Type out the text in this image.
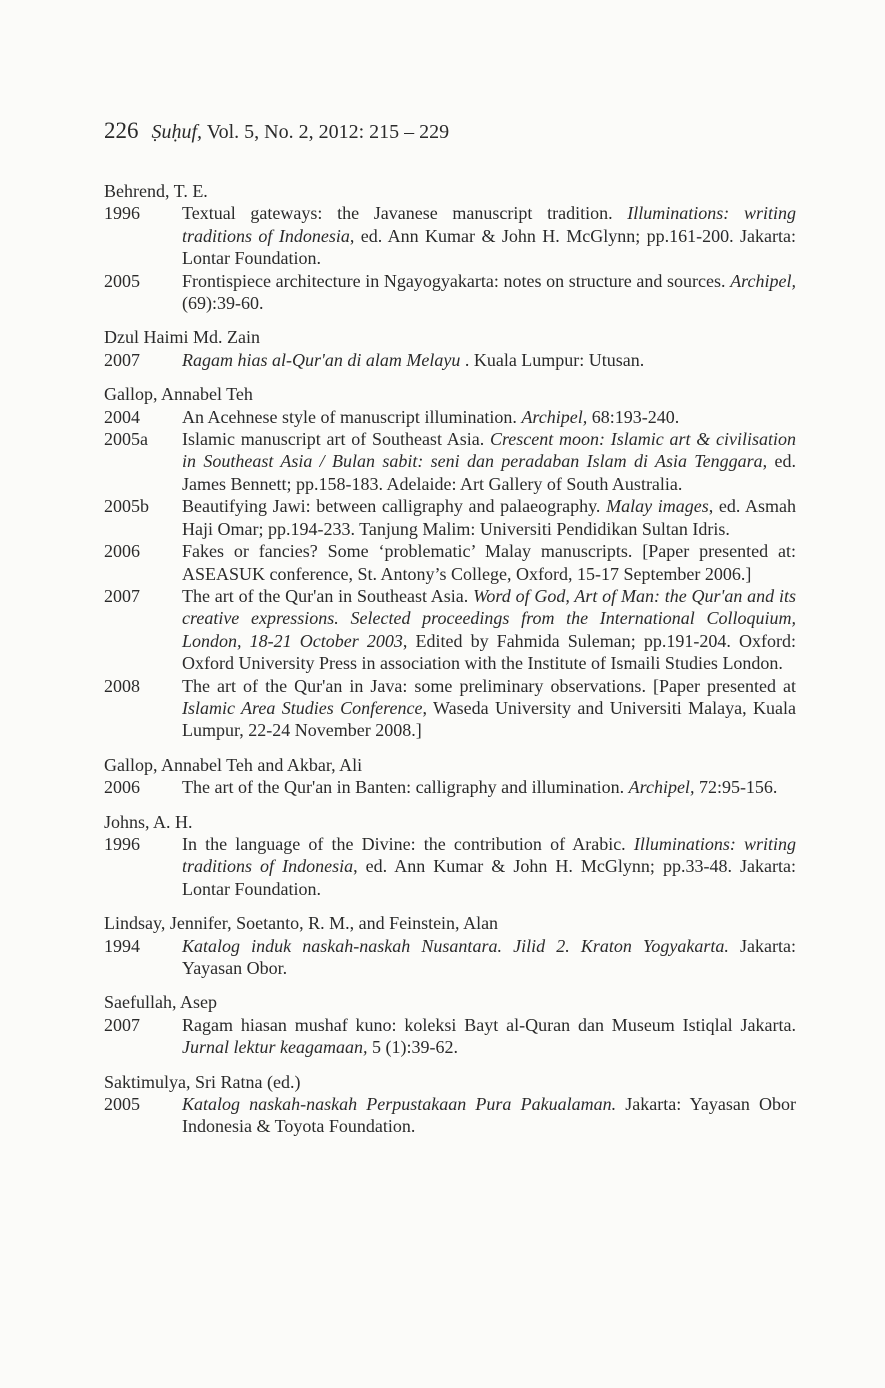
226 Ṣuḥuf, Vol. 5, No. 2, 2012: 215 – 229
Behrend, T. E.
1996	Textual gateways: the Javanese manuscript tradition. Illuminations: writing traditions of Indonesia, ed. Ann Kumar & John H. McGlynn; pp.161-200. Jakarta: Lontar Foundation.
2005	Frontispiece architecture in Ngayogyakarta: notes on structure and sources. Archipel, (69):39-60.
Dzul Haimi Md. Zain
2007	Ragam hias al-Qur'an di alam Melayu . Kuala Lumpur: Utusan.
Gallop, Annabel Teh
2004	An Acehnese style of manuscript illumination. Archipel, 68:193-240.
2005a	Islamic manuscript art of Southeast Asia. Crescent moon: Islamic art & civilisation in Southeast Asia / Bulan sabit: seni dan peradaban Islam di Asia Tenggara, ed. James Bennett; pp.158-183. Adelaide: Art Gallery of South Australia.
2005b	Beautifying Jawi: between calligraphy and palaeography. Malay images, ed. Asmah Haji Omar; pp.194-233. Tanjung Malim: Universiti Pendidikan Sultan Idris.
2006	Fakes or fancies? Some ‘problematic’ Malay manuscripts. [Paper presented at: ASEASUK conference, St. Antony’s College, Oxford, 15-17 September 2006.]
2007	The art of the Qur'an in Southeast Asia. Word of God, Art of Man: the Qur'an and its creative expressions. Selected proceedings from the International Colloquium, London, 18-21 October 2003, Edited by Fahmida Suleman; pp.191-204. Oxford: Oxford University Press in association with the Institute of Ismaili Studies London.
2008	The art of the Qur'an in Java: some preliminary observations. [Paper presented at Islamic Area Studies Conference, Waseda University and Universiti Malaya, Kuala Lumpur, 22-24 November 2008.]
Gallop, Annabel Teh and Akbar, Ali
2006	The art of the Qur'an in Banten: calligraphy and illumination. Archipel, 72:95-156.
Johns, A. H.
1996	In the language of the Divine: the contribution of Arabic. Illuminations: writing traditions of Indonesia, ed. Ann Kumar & John H. McGlynn; pp.33-48. Jakarta: Lontar Foundation.
Lindsay, Jennifer, Soetanto, R. M., and Feinstein, Alan
1994	Katalog induk naskah-naskah Nusantara. Jilid 2. Kraton Yogyakarta. Jakarta: Yayasan Obor.
Saefullah, Asep
2007	Ragam hiasan mushaf kuno: koleksi Bayt al-Quran dan Museum Istiqlal Jakarta. Jurnal lektur keagamaan, 5 (1):39-62.
Saktimulya, Sri Ratna (ed.)
2005	Katalog naskah-naskah Perpustakaan Pura Pakualaman. Jakarta: Yayasan Obor Indonesia & Toyota Foundation.
